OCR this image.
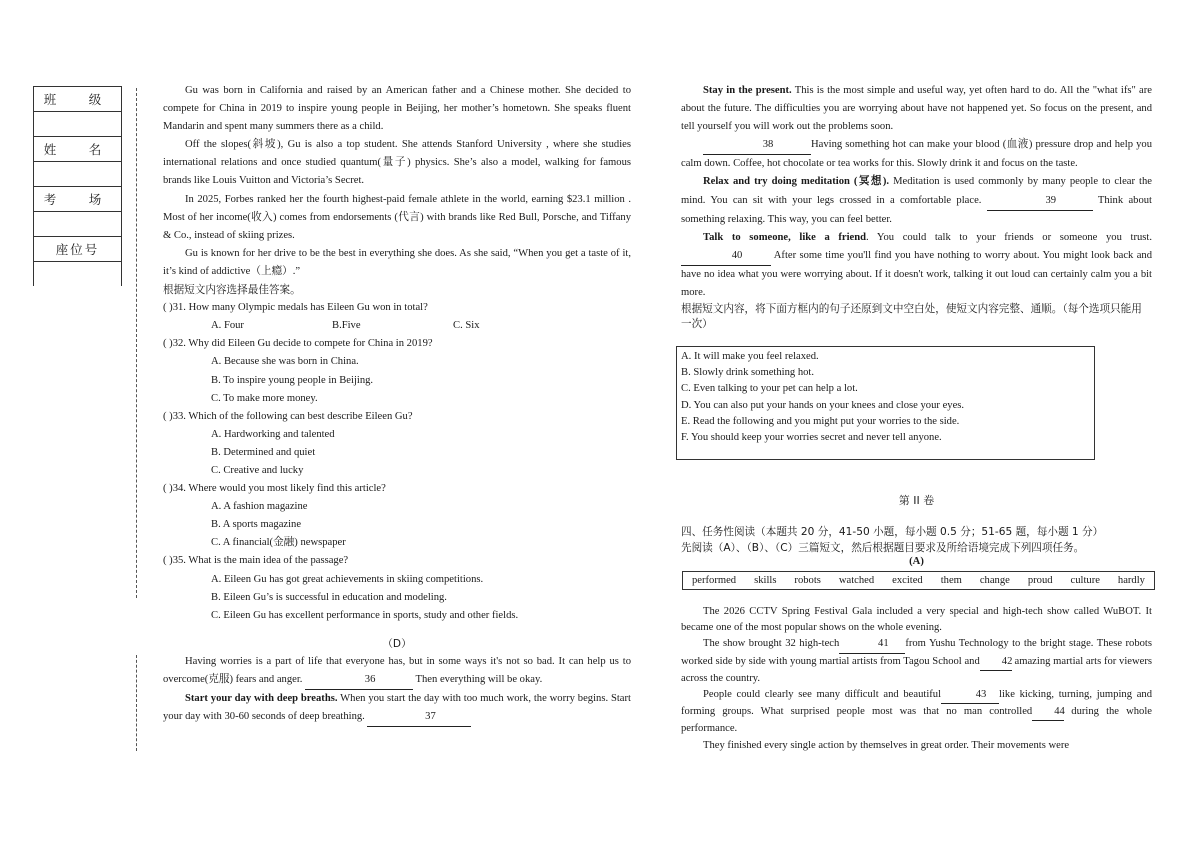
班　级
姓　名
考　场
座位号

Gu was born in California and raised by an American father and a Chinese mother. She decided to compete for China in 2019 to inspire young people in Beijing, her mother’s hometown. She speaks fluent Mandarin and spent many summers there as a child.

Off the slopes(斜坡), Gu is also a top student. She attends Stanford University , where she studies international relations and once studied quantum(量子) physics. She’s also a model, walking for famous brands like Louis Vuitton and Victoria’s Secret.

In 2025, Forbes ranked her the fourth highest-paid female athlete in the world, earning $23.1 million . Most of her income(收入) comes from endorsements (代言) with brands like Red Bull, Porsche, and Tiffany & Co., instead of skiing prizes.

Gu is known for her drive to be the best in everything she does. As she said, “When you get a taste of it, it’s kind of addictive（上瘾）.”

根据短文内容选择最佳答案。

( )31. How many Olympic medals has Eileen Gu won in total?

A. Four	B.Five	C. Six

( )32. Why did Eileen Gu decide to compete for China in 2019?

A. Because she was born in China.

B. To inspire young people in Beijing.

C. To make more money.

( )33. Which of the following can best describe Eileen Gu?

A. Hardworking and talented

B. Determined and quiet

C. Creative and lucky

( )34. Where would you most likely find this article?

A. A fashion magazine

B. A sports magazine

C. A financial(金融) newspaper

( )35. What is the main idea of the passage?

A. Eileen Gu has got great achievements in skiing competitions.

B. Eileen Gu’s is successful in education and modeling.

C. Eileen Gu has excellent performance in sports, study and other fields.

（D）

Having worries is a part of life that everyone has, but in some ways it's not so bad. It can help us to overcome(克服) fears and anger.	36	Then everything will be okay.

Start your day with deep breaths. When you start the day with too much work, the worry begins. Start your day with 30-60 seconds of deep breathing.	37

Stay in the present. This is the most simple and useful way, yet often hard to do. All the "what ifs" are about the future. The difficulties you are worrying about have not happened yet. So focus on the present, and tell yourself you will work out the problems soon.

38	Having something hot can make your blood (血液) pressure drop and help you calm down. Coffee, hot chocolate or tea works for this. Slowly drink it and focus on the taste.

Relax and try doing meditation (冥想). Meditation is used commonly by many people to clear the mind. You can sit with your legs crossed in a comfortable place.	39	Think about something relaxing. This way, you can feel better.

Talk to someone, like a friend. You could talk to your friends or someone you trust. 40	After some time you'll find you have nothing to worry about. You might look back and have no idea what you were worrying about. If it doesn't work, talking it out loud can certainly calm you a bit more.

根据短文内容，将下面方框内的句子还原到文中空白处，使短文内容完整、通顺。（每个选项只能用一次）

A. It will make you feel relaxed.
B. Slowly drink something hot.
C. Even talking to your pet can help a lot.
D. You can also put your hands on your knees and close your eyes.
E. Read the following and you might put your worries to the side.
F. You should keep your worries secret and never tell anyone.
第 II 卷
四、任务性阅读（本题共 20 分，41-50 小题，每小题 0.5 分；51-65 题，每小题 1 分）
先阅读（A）、（B）、（C）三篇短文，然后根据题目要求及所给语境完成下列四项任务。
(A)
performed skills robots watched excited them change proud culture hardly

The 2026 CCTV Spring Festival Gala included a very special and high-tech show called WuBOT. It became one of the most popular shows on the whole evening.

The show brought 32 high-tech	41 from Yushu Technology to the bright stage. These robots worked side by side with young martial artists from Tagou School and 42 amazing martial arts for viewers across the country.

People could clearly see many difficult and beautiful	43 like kicking, turning, jumping and forming groups. What surprised people most was that no man controlled 44 during the whole performance.

They finished every single action by themselves in great order. Their movements were
